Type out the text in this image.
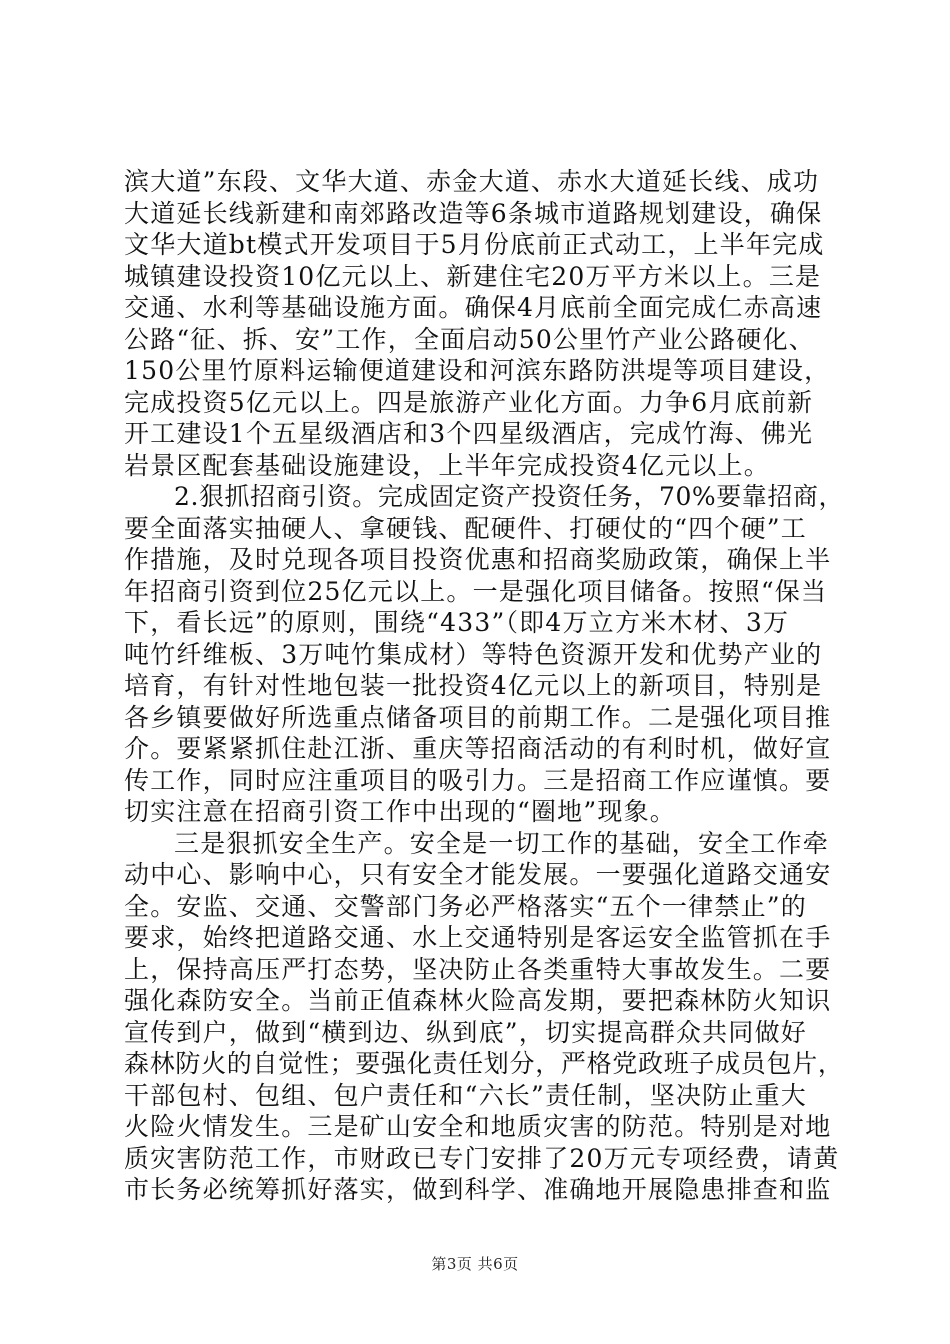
滨大道”东段、文华大道、赤金大道、赤水大道延长线、成功
大道延长线新建和南郊路改造等6条城市道路规划建设，确保
文华大道bt模式开发项目于5月份底前正式动工，上半年完成
城镇建设投资10亿元以上、新建住宅20万平方米以上。三是
交通、水利等基础设施方面。确保4月底前全面完成仁赤高速
公路“征、拆、安”工作，全面启动50公里竹产业公路硬化、
150公里竹原料运输便道建设和河滨东路防洪堤等项目建设，
完成投资5亿元以上。四是旅游产业化方面。力争6月底前新
开工建设1个五星级酒店和3个四星级酒店，完成竹海、佛光
岩景区配套基础设施建设，上半年完成投资4亿元以上。
2.狠抓招商引资。完成固定资产投资任务，70%要靠招商，
要全面落实抽硬人、拿硬钱、配硬件、打硬仗的“四个硬”工
作措施，及时兑现各项目投资优惠和招商奖励政策，确保上半
年招商引资到位25亿元以上。一是强化项目储备。按照“保当
下，看长远”的原则，围绕“433”（即4万立方米木材、3万
吨竹纤维板、3万吨竹集成材）等特色资源开发和优势产业的
培育，有针对性地包装一批投资4亿元以上的新项目，特别是
各乡镇要做好所选重点储备项目的前期工作。二是强化项目推
介。要紧紧抓住赴江浙、重庆等招商活动的有利时机，做好宣
传工作，同时应注重项目的吸引力。三是招商工作应谨慎。要
切实注意在招商引资工作中出现的“圈地”现象。
三是狠抓安全生产。安全是一切工作的基础，安全工作牵
动中心、影响中心，只有安全才能发展。一要强化道路交通安
全。安监、交通、交警部门务必严格落实“五个一律禁止”的
要求，始终把道路交通、水上交通特别是客运安全监管抓在手
上，保持高压严打态势，坚决防止各类重特大事故发生。二要
强化森防安全。当前正值森林火险高发期，要把森林防火知识
宣传到户，做到“横到边、纵到底”，切实提高群众共同做好
森林防火的自觉性；要强化责任划分，严格党政班子成员包片，
干部包村、包组、包户责任和“六长”责任制，坚决防止重大
火险火情发生。三是矿山安全和地质灾害的防范。特别是对地
质灾害防范工作，市财政已专门安排了20万元专项经费，请黄
市长务必统筹抓好落实，做到科学、准确地开展隐患排查和监
第3页 共6页
